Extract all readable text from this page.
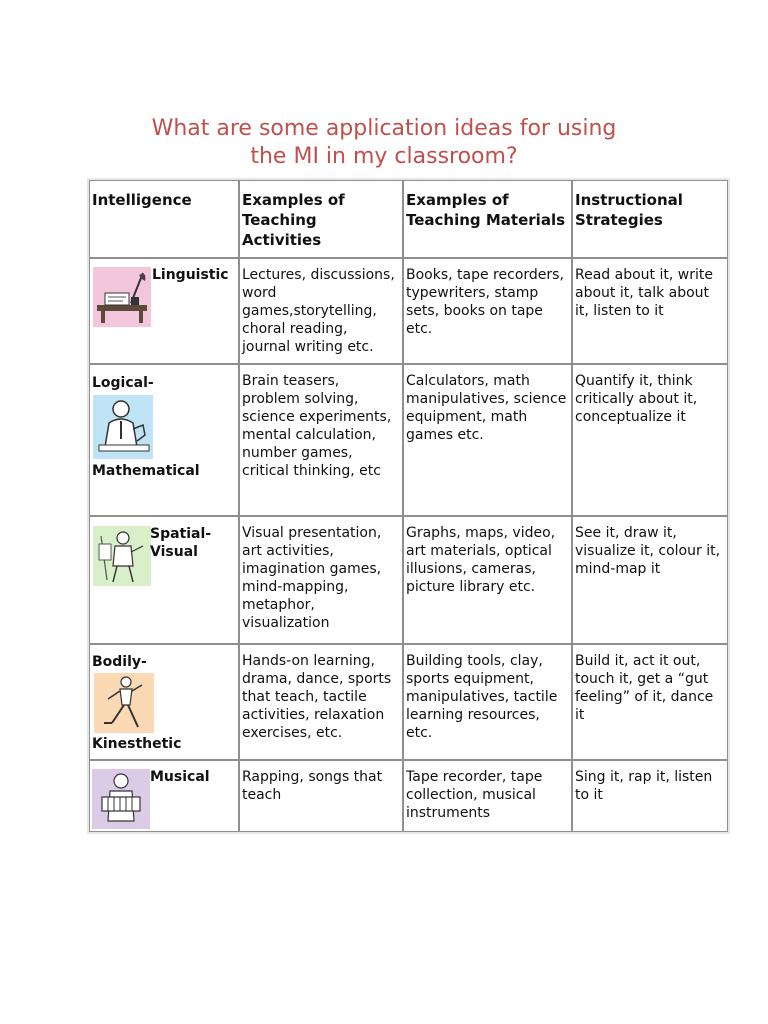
What are some application ideas for using
the MI in my classroom?
Intelligence	Examples of Teaching Activities
Examples of Teaching Materials
Instructional Strategies
Linguistic Lectures, discussions, word games,storytelling, choral reading, journal writing etc.
Books, tape recorders, typewriters, stamp sets, books on tape etc.
Read about it, write about it, talk about it, listen to it
Logical-
Mathematical
Brain teasers, problem solving, science experiments, mental calculation, number games, critical thinking, etc
Calculators, math manipulatives, science equipment, math games etc.
Quantify it, think critically about it, conceptualize it
Spatial-
Visual
Visual presentation, art activities, imagination games, mind-mapping, metaphor, visualization
Graphs, maps, video, art materials, optical illusions, cameras, picture library etc.
See it, draw it, visualize it, colour it, mind-map it
Bodily-
Kinesthetic
Hands-on learning, drama, dance, sports that teach, tactile activities, relaxation exercises, etc.
Building tools, clay, sports equipment, manipulatives, tactile learning resources, etc.
Build it, act it out, touch it, get a “gut feeling” of it, dance it
Musical Rapping, songs that teach
Tape recorder, tape collection, musical instruments
Sing it, rap it, listen to it
